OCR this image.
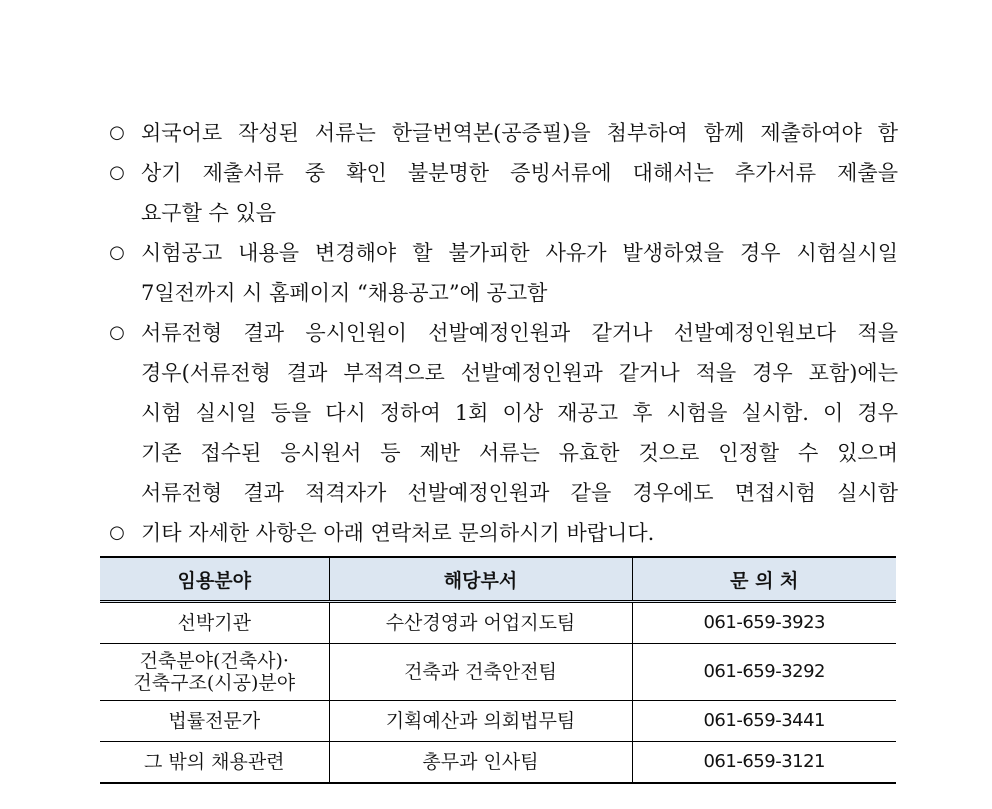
○ 외국어로 작성된 서류는 한글번역본(공증필)을 첨부하여 함께 제출하여야 함
○ 상기 제출서류 중 확인 불분명한 증빙서류에 대해서는 추가서류 제출을
요구할 수 있음
○ 시험공고 내용을 변경해야 할 불가피한 사유가 발생하였을 경우 시험실시일
7일전까지 시 홈페이지 “채용공고”에 공고함
○ 서류전형 결과 응시인원이 선발예정인원과 같거나 선발예정인원보다 적을
경우(서류전형 결과 부적격으로 선발예정인원과 같거나 적을 경우 포함)에는
시험 실시일 등을 다시 정하여 1회 이상 재공고 후 시험을 실시함. 이 경우
기존 접수된 응시원서 등 제반 서류는 유효한 것으로 인정할 수 있으며
서류전형 결과 적격자가 선발예정인원과 같을 경우에도 면접시험 실시함
○ 기타 자세한 사항은 아래 연락처로 문의하시기 바랍니다.
임용분야	해당부서	문 의 처

선박기관	수산경영과 어업지도팀	061-659-3923

건축분야(건축사)·
건축구조(시공)분야	건축과 건축안전팀	061-659-3292

법률전문가	기획예산과 의회법무팀	061-659-3441

그 밖의 채용관련	총무과 인사팀	061-659-3121
